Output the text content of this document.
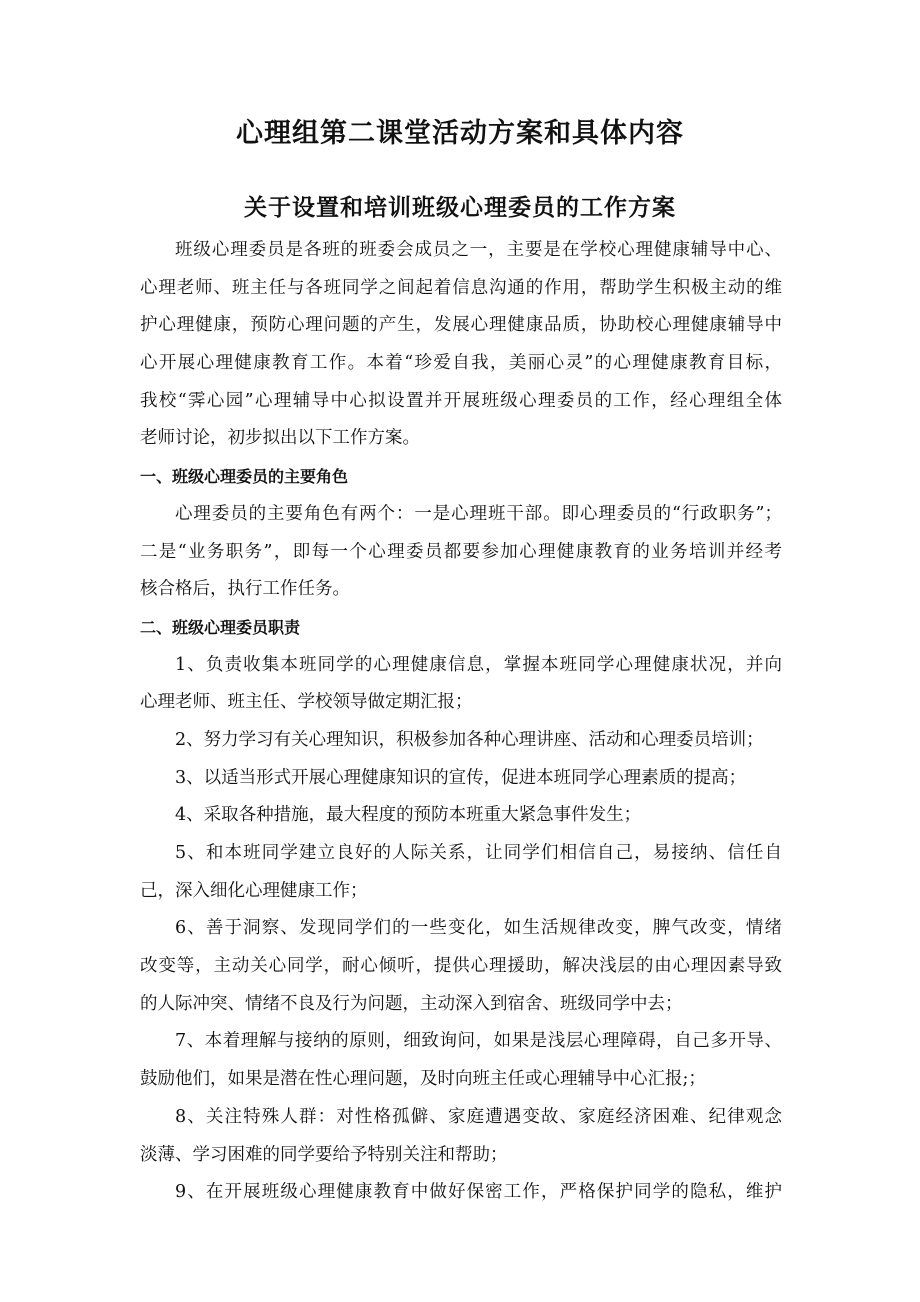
心理组第二课堂活动方案和具体内容
关于设置和培训班级心理委员的工作方案

班级心理委员是各班的班委会成员之一，主要是在学校心理健康辅导中心、

心理老师、班主任与各班同学之间起着信息沟通的作用，帮助学生积极主动的维

护心理健康，预防心理问题的产生，发展心理健康品质，协助校心理健康辅导中

心开展心理健康教育工作。本着“珍爱自我，美丽心灵”的心理健康教育目标，

我校“霁心园”心理辅导中心拟设置并开展班级心理委员的工作，经心理组全体

老师讨论，初步拟出以下工作方案。

一、班级心理委员的主要角色

心理委员的主要角色有两个：一是心理班干部。即心理委员的“行政职务”；

二是“业务职务”，即每一个心理委员都要参加心理健康教育的业务培训并经考

核合格后，执行工作任务。

二、班级心理委员职责

1、负责收集本班同学的心理健康信息，掌握本班同学心理健康状况，并向

心理老师、班主任、学校领导做定期汇报；

2、努力学习有关心理知识，积极参加各种心理讲座、活动和心理委员培训；

3、以适当形式开展心理健康知识的宣传，促进本班同学心理素质的提高；

4、采取各种措施，最大程度的预防本班重大紧急事件发生；

5、和本班同学建立良好的人际关系，让同学们相信自己，易接纳、信任自

己，深入细化心理健康工作；

6、善于洞察、发现同学们的一些变化，如生活规律改变，脾气改变，情绪

改变等，主动关心同学，耐心倾听，提供心理援助，解决浅层的由心理因素导致

的人际冲突、情绪不良及行为问题，主动深入到宿舍、班级同学中去；

7、本着理解与接纳的原则，细致询问，如果是浅层心理障碍，自己多开导、

鼓励他们，如果是潜在性心理问题，及时向班主任或心理辅导中心汇报;；

8、关注特殊人群：对性格孤僻、家庭遭遇变故、家庭经济困难、纪律观念

淡薄、学习困难的同学要给予特别关注和帮助；

9、在开展班级心理健康教育中做好保密工作，严格保护同学的隐私，维护
